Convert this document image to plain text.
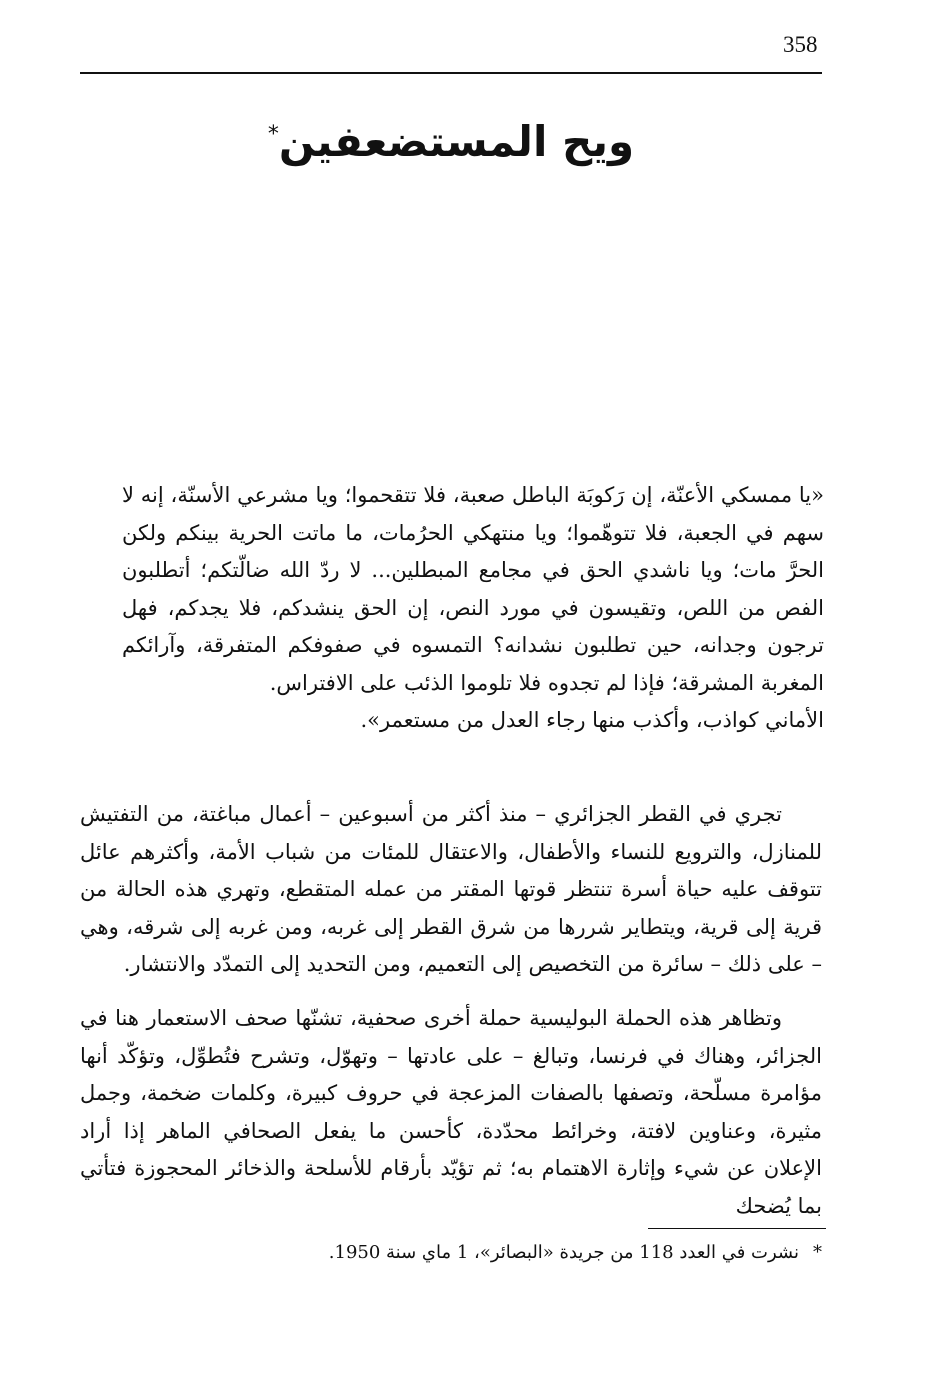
358
ويح المستضعفين*

«يا ممسكي الأعنّة، إن رَكوبَة الباطل صعبة، فلا تتقحموا؛ ويا مشرعي الأسنّة، إنه لا سهم في الجعبة، فلا تتوهّموا؛ ويا منتهكي الحرُمات، ما ماتت الحرية بينكم ولكن الحرَّ مات؛ ويا ناشدي الحق في مجامع المبطلين... لا ردّ الله ضالّتكم؛ أتطلبون الفص من اللص، وتقيسون في مورد النص، إن الحق ينشدكم، فلا يجدكم، فهل ترجون وجدانه، حين تطلبون نشدانه؟ التمسوه في صفوفكم المتفرقة، وآرائكم المغربة المشرقة؛ فإذا لم تجدوه فلا تلوموا الذئب على الافتراس.

الأماني كواذب، وأكذب منها رجاء العدل من مستعمر».

تجري في القطر الجزائري – منذ أكثر من أسبوعين – أعمال مباغتة، من التفتيش للمنازل، والترويع للنساء والأطفال، والاعتقال للمئات من شباب الأمة، وأكثرهم عائل تتوقف عليه حياة أسرة تنتظر قوتها المقتر من عمله المتقطع، وتهري هذه الحالة من قرية إلى قرية، ويتطاير شررها من شرق القطر إلى غربه، ومن غربه إلى شرقه، وهي – على ذلك – سائرة من التخصيص إلى التعميم، ومن التحديد إلى التمدّد والانتشار.

وتظاهر هذه الحملة البوليسية حملة أخرى صحفية، تشنّها صحف الاستعمار هنا في الجزائر، وهناك في فرنسا، وتبالغ – على عادتها – وتهوّل، وتشرح فتُطوِّل، وتؤكّد أنها مؤامرة مسلّحة، وتصفها بالصفات المزعجة في حروف كبيرة، وكلمات ضخمة، وجمل مثيرة، وعناوين لافتة، وخرائط محدّدة، كأحسن ما يفعل الصحافي الماهر إذا أراد الإعلان عن شيء وإثارة الاهتمام به؛ ثم تؤيّد بأرقام للأسلحة والذخائر المحجوزة فتأتي بما يُضحك

*نشرت في العدد 118 من جريدة «البصائر»، 1 ماي سنة 1950.
